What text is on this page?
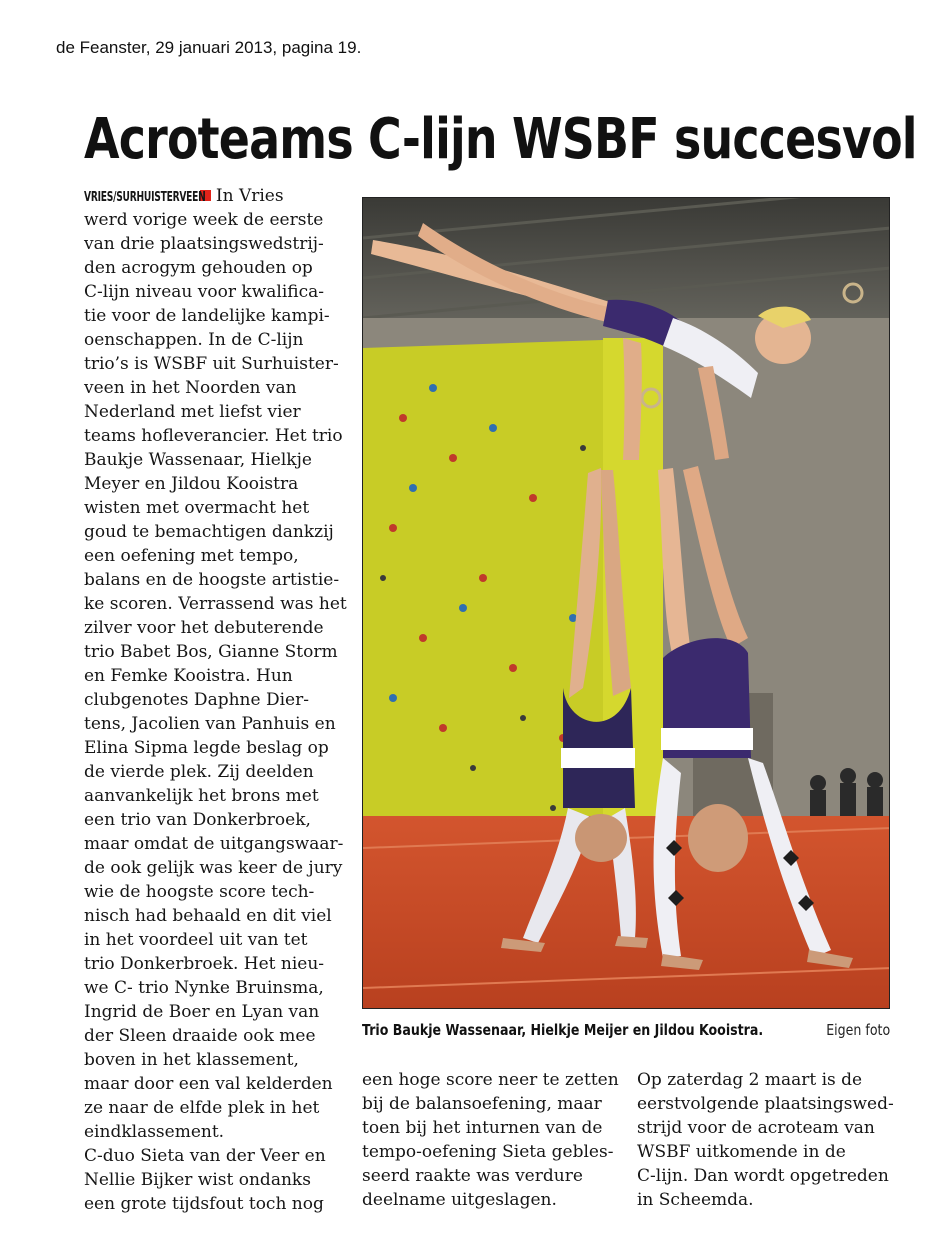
de Feanster, 29 januari 2013, pagina 19.
Acroteams C-lijn WSBF succesvol
VRIES/SURHUISTERVEEN In Vries
werd vorige week de eerste
van drie plaatsingswedstrij-
den acrogym gehouden op
C-lijn niveau voor kwalifica-
tie voor de landelijke kampi-
oenschappen. In de C-lijn
trio’s is WSBF uit Surhuister-
veen in het Noorden van
Nederland met liefst vier
teams hofleverancier. Het trio
Baukje Wassenaar, Hielkje
Meyer en Jildou Kooistra
wisten met overmacht het
goud te bemachtigen dankzij
een oefening met tempo,
balans en de hoogste artistie-
ke scoren. Verrassend was het
zilver voor het debuterende
trio Babet Bos, Gianne Storm
en Femke Kooistra. Hun
clubgenotes Daphne Dier-
tens, Jacolien van Panhuis en
Elina Sipma legde beslag op
de vierde plek. Zij deelden
aanvankelijk het brons met
een trio van Donkerbroek,
maar omdat de uitgangswaar-
de ook gelijk was keer de jury
wie de hoogste score tech-
nisch had behaald en dit viel
in het voordeel uit van tet
trio Donkerbroek. Het nieu-
we C- trio Nynke Bruinsma,
Ingrid de Boer en Lyan van
der Sleen draaide ook mee
boven in het klassement,
maar door een val kelderden
ze naar de elfde plek in het
eindklassement.
C-duo Sieta van der Veer en
Nellie Bijker wist ondanks
een grote tijdsfout toch nog
Trio Baukje Wassenaar, Hielkje Meijer en Jildou Kooistra.	Eigen foto
een hoge score neer te zetten
bij de balansoefening, maar
toen bij het inturnen van de
tempo-oefening Sieta gebles-
seerd raakte was verdure
deelname uitgeslagen.
Op zaterdag 2 maart is de
eerstvolgende plaatsingswed-
strijd voor de acroteam van
WSBF uitkomende in de
C-lijn. Dan wordt opgetreden
in Scheemda.
